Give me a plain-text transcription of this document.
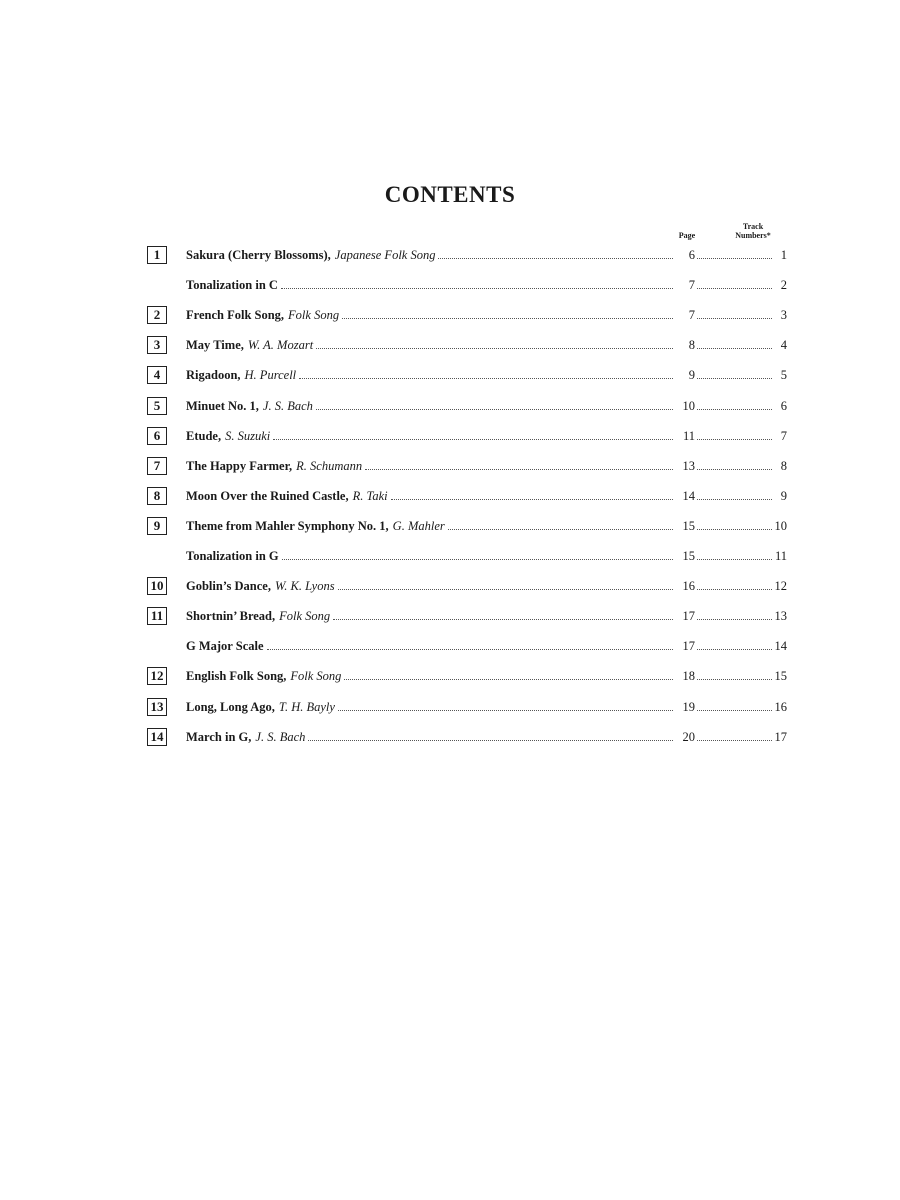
CONTENTS
Page
Track
Numbers*
1	Sakura (Cherry Blossoms), Japanese Folk Song	6	1
Tonalization in C	7	2
2	French Folk Song, Folk Song	7	3
3	May Time, W. A. Mozart	8	4
4	Rigadoon, H. Purcell	9	5
5	Minuet No. 1, J. S. Bach	10	6
6	Etude, S. Suzuki	11	7
7	The Happy Farmer, R. Schumann	13	8
8	Moon Over the Ruined Castle, R. Taki	14	9
9	Theme from Mahler Symphony No. 1, G. Mahler	15	10
Tonalization in G	15	11
10 Goblin’s Dance, W. K. Lyons	16	12
11	Shortnin’ Bread, Folk Song	17	13
G Major Scale	17	14
12 English Folk Song, Folk Song	18	15
13 Long, Long Ago, T. H. Bayly	19	16
14 March in G, J. S. Bach	20	17
